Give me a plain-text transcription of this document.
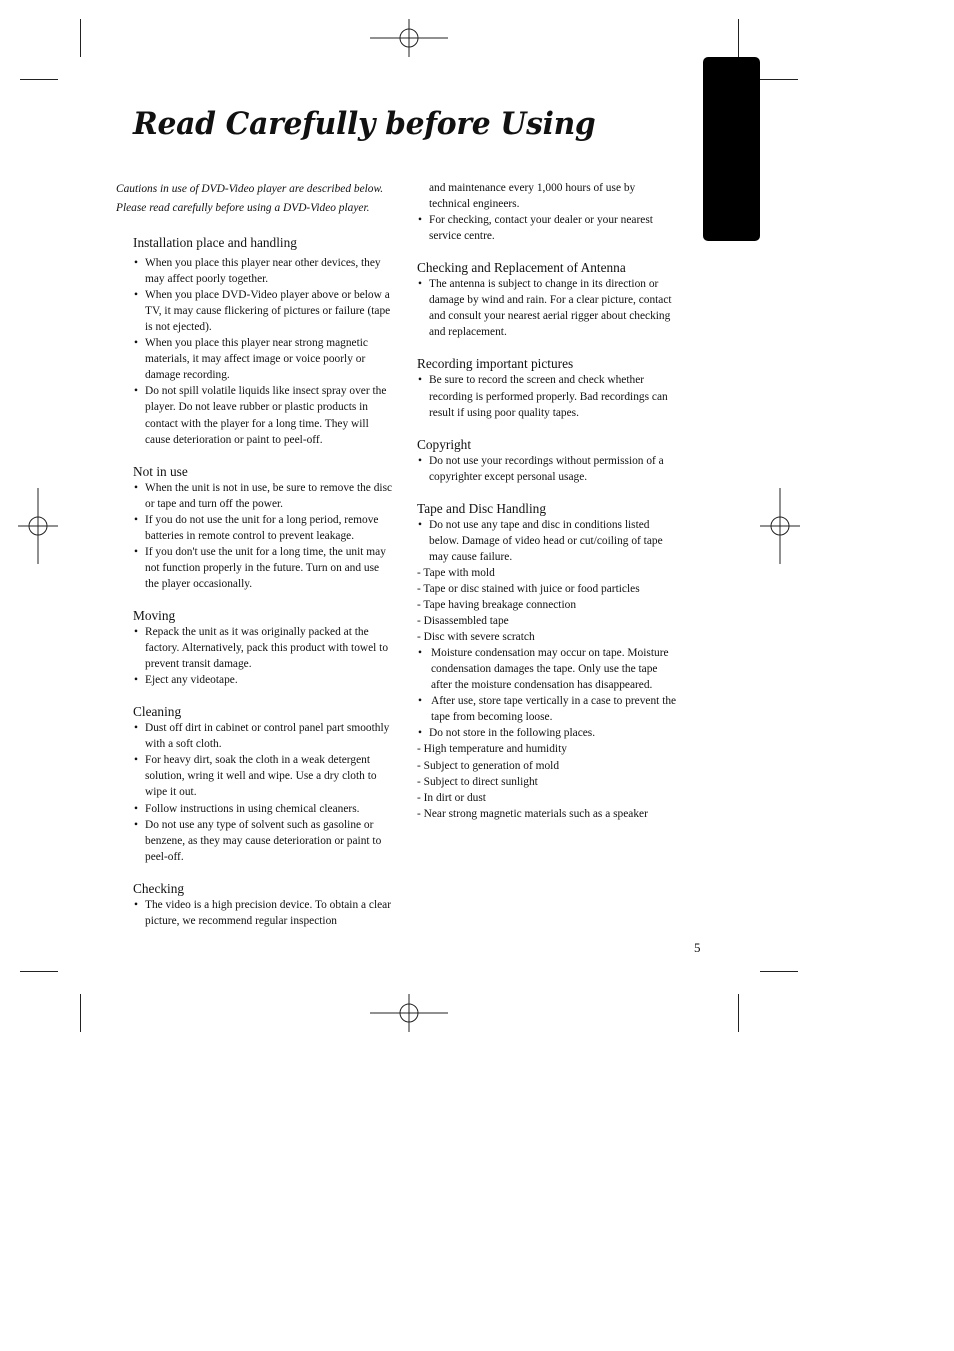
Read Carefully before Using
Cautions in use of DVD-Video player are described below.
Please read carefully before using a DVD-Video player.
Installation place and handling
• When you place this player near other devices, they may affect poorly together.
• When you place DVD-Video player above or below a TV, it may cause flickering of pictures or failure (tape is not ejected).
• When you place this player near strong magnetic materials, it may affect image or voice poorly or damage recording.
• Do not spill volatile liquids like insect spray over the player. Do not leave rubber or plastic products in contact with the player for a long time. They will cause deterioration or paint to peel-off.
Not in use
• When the unit is not in use, be sure to remove the disc or tape and turn off the power.
• If you do not use the unit for a long period, remove batteries in remote control to prevent leakage.
• If you don't use the unit for a long time, the unit may not function properly in the future. Turn on and use the player occasionally.
Moving
• Repack the unit as it was originally packed at the factory. Alternatively, pack this product with towel to prevent transit damage.
• Eject any videotape.
Cleaning
• Dust off dirt in cabinet or control panel part smoothly with a soft cloth.
• For heavy dirt, soak the cloth in a weak detergent solution, wring it well and wipe. Use a dry cloth to wipe it out.
• Follow instructions in using chemical cleaners.
• Do not use any type of solvent such as gasoline or benzene, as they may cause deterioration or paint to peel-off.
Checking
• The video is a high precision device. To obtain a clear picture, we recommend regular inspection
and maintenance every 1,000 hours of use by technical engineers.
• For checking, contact your dealer or your nearest service centre.
Checking and Replacement of Antenna
• The antenna is subject to change in its direction or damage by wind and rain. For a clear picture, contact and consult your nearest aerial rigger about checking and replacement.
Recording important pictures
• Be sure to record the screen and check whether recording is performed properly. Bad recordings can result if using poor quality tapes.
Copyright
• Do not use your recordings without permission of a copyrighter except personal usage.
Tape and Disc Handling
• Do not use any tape and disc in conditions listed below. Damage of video head or cut/coiling of tape may cause failure.
- Tape with mold
- Tape or disc stained with juice or food particles
- Tape having breakage connection
- Disassembled tape
- Disc with severe scratch
• Moisture condensation may occur on tape. Moisture condensation damages the tape. Only use the tape after the moisture condensation has disappeared.
• After use, store tape vertically in a case to prevent the tape from becoming loose.
• Do not store in the following places.
- High temperature and humidity
- Subject to generation of mold
- Subject to direct sunlight
- In dirt or dust
- Near strong magnetic materials such as a speaker
5
